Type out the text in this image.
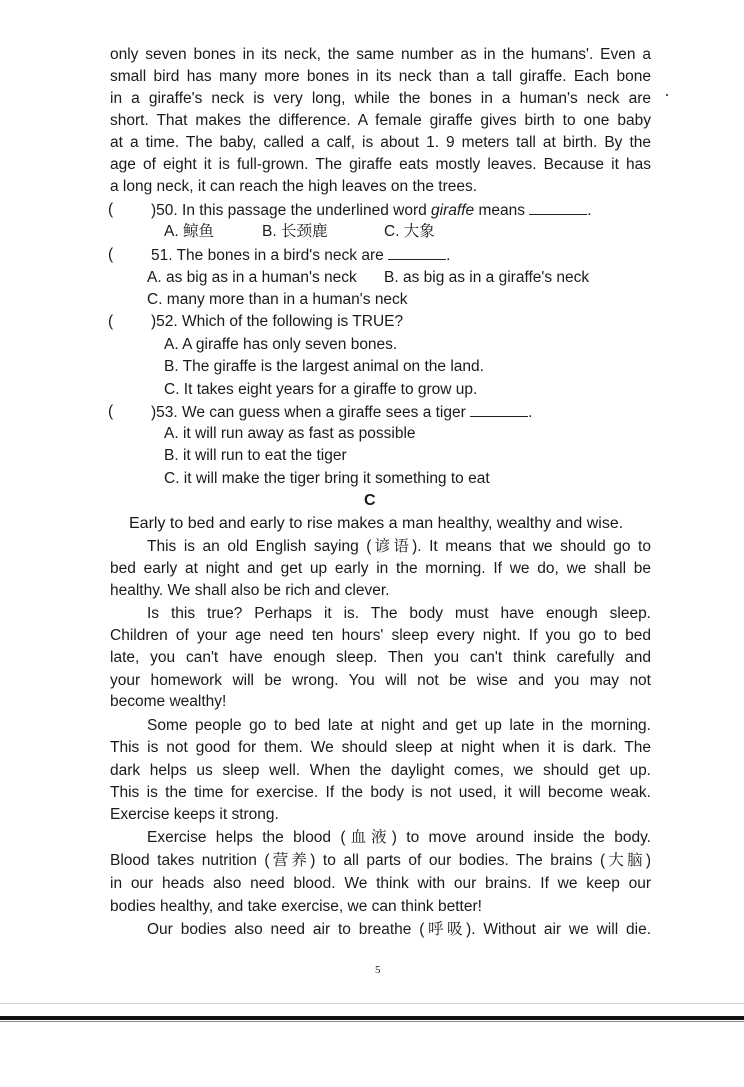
only seven bones in its neck, the same number as in the humans'. Even a
small bird has many more bones in its neck than a tall giraffe. Each bone
in a giraffe's neck is very long, while the bones in a human's neck are
short. That makes the difference. A female giraffe gives birth to one baby
at a time. The baby, called a calf, is about 1. 9 meters tall at birth. By the
age of eight it is full-grown. The giraffe eats mostly leaves. Because it has
a long neck, it can reach the high leaves on the trees.
( )50. In this passage the underlined word giraffe means	.
A. 鲸鱼	B. 长颈鹿	C. 大象
( 51. The bones in a bird's neck are	.
A. as big as in a human's neck B. as big as in a giraffe's neck
C. many more than in a human's neck
( )52. Which of the following is TRUE?
A. A giraffe has only seven bones.
B. The giraffe is the largest animal on the land.
C. It takes eight years for a giraffe to grow up.
( )53. We can guess when a giraffe sees a tiger	.
A. it will run away as fast as possible
B. it will run to eat the tiger
C. it will make the tiger bring it something to eat
C
Early to bed and early to rise makes a man healthy, wealthy and wise.
This is an old English saying (谚语). It means that we should go to
bed early at night and get up early in the morning. If we do, we shall be
healthy. We shall also be rich and clever.
Is this true? Perhaps it is. The body must have enough sleep.
Children of your age need ten hours' sleep every night. If you go to bed
late, you can't have enough sleep. Then you can't think carefully and
your homework will be wrong. You will not be wise and you may not
become wealthy!
Some people go to bed late at night and get up late in the morning.
This is not good for them. We should sleep at night when it is dark. The
dark helps us sleep well. When the daylight comes, we should get up.
This is the time for exercise. If the body is not used, it will become weak.
Exercise keeps it strong.
Exercise helps the blood (血液) to move around inside the body.
Blood takes nutrition (营养) to all parts of our bodies. The brains (大脑)
in our heads also need blood. We think with our brains. If we keep our
bodies healthy, and take exercise, we can think better!
Our bodies also need air to breathe (呼吸). Without air we will die.
5
